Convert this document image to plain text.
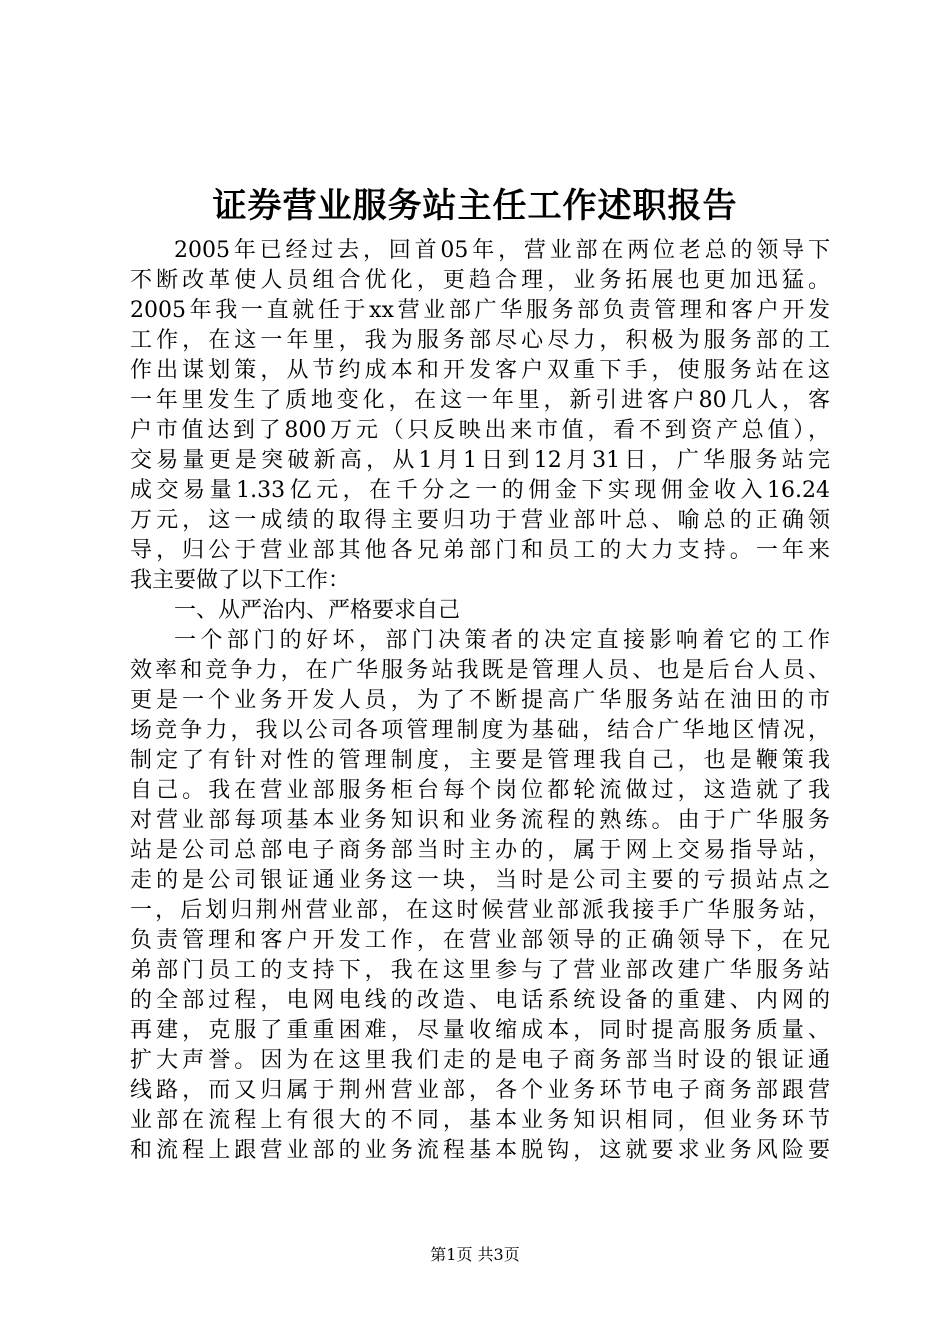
证券营业服务站主任工作述职报告
2005年已经过去，回首05年，营业部在两位老总的领导下
不断改革使人员组合优化，更趋合理，业务拓展也更加迅猛。
2005年我一直就任于xx营业部广华服务部负责管理和客户开发
工作，在这一年里，我为服务部尽心尽力，积极为服务部的工
作出谋划策，从节约成本和开发客户双重下手，使服务站在这
一年里发生了质地变化，在这一年里，新引进客户80几人，客
户市值达到了800万元（只反映出来市值，看不到资产总值），
交易量更是突破新高，从1月1日到12月31日，广华服务站完
成交易量1.33亿元，在千分之一的佣金下实现佣金收入16.24
万元，这一成绩的取得主要归功于营业部叶总、喻总的正确领
导，归公于营业部其他各兄弟部门和员工的大力支持。一年来
我主要做了以下工作：
一、从严治内、严格要求自己
一个部门的好坏，部门决策者的决定直接影响着它的工作
效率和竞争力，在广华服务站我既是管理人员、也是后台人员、
更是一个业务开发人员，为了不断提高广华服务站在油田的市
场竞争力，我以公司各项管理制度为基础，结合广华地区情况，
制定了有针对性的管理制度，主要是管理我自己，也是鞭策我
自己。我在营业部服务柜台每个岗位都轮流做过，这造就了我
对营业部每项基本业务知识和业务流程的熟练。由于广华服务
站是公司总部电子商务部当时主办的，属于网上交易指导站，
走的是公司银证通业务这一块，当时是公司主要的亏损站点之
一，后划归荆州营业部，在这时候营业部派我接手广华服务站，
负责管理和客户开发工作，在营业部领导的正确领导下，在兄
弟部门员工的支持下，我在这里参与了营业部改建广华服务站
的全部过程，电网电线的改造、电话系统设备的重建、内网的
再建，克服了重重困难，尽量收缩成本，同时提高服务质量、
扩大声誉。因为在这里我们走的是电子商务部当时设的银证通
线路，而又归属于荆州营业部，各个业务环节电子商务部跟营
业部在流程上有很大的不同，基本业务知识相同，但业务环节
和流程上跟营业部的业务流程基本脱钩，这就要求业务风险要
第1页 共3页
